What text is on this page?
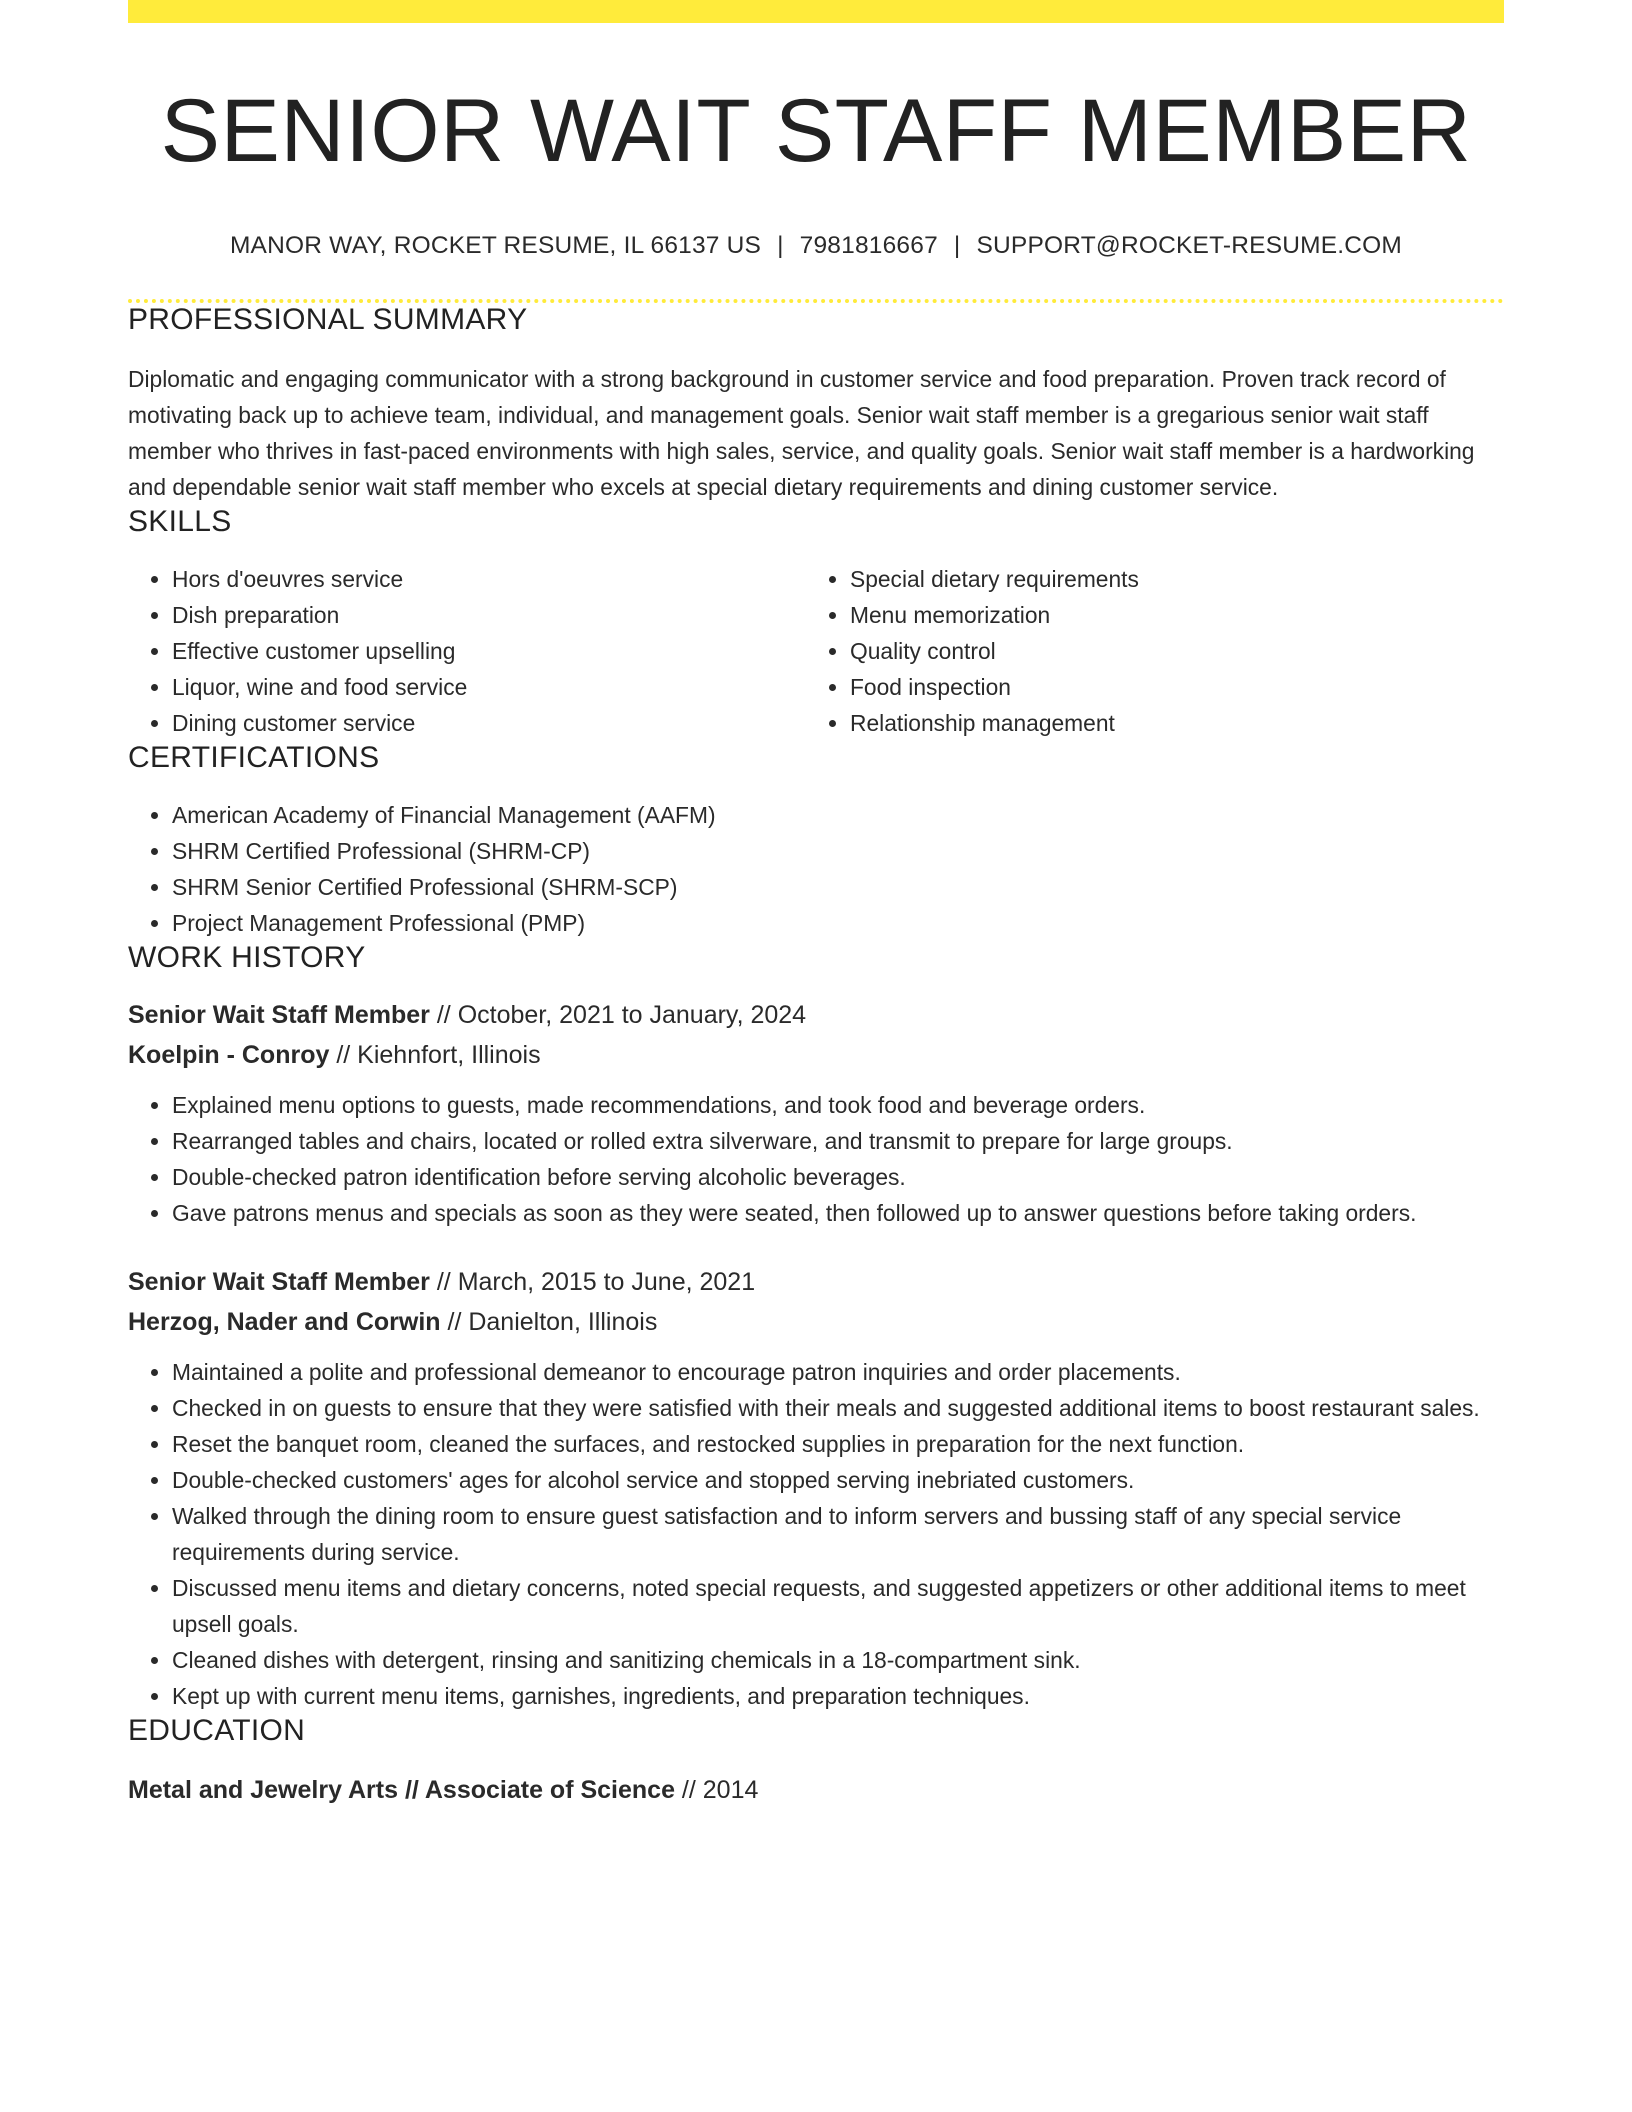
SENIOR WAIT STAFF MEMBER
MANOR WAY, ROCKET RESUME, IL 66137 US | 7981816667 | SUPPORT@ROCKET-RESUME.COM
PROFESSIONAL SUMMARY
Diplomatic and engaging communicator with a strong background in customer service and food preparation. Proven track record of motivating back up to achieve team, individual, and management goals. Senior wait staff member is a gregarious senior wait staff member who thrives in fast-paced environments with high sales, service, and quality goals. Senior wait staff member is a hardworking and dependable senior wait staff member who excels at special dietary requirements and dining customer service.
SKILLS
• Hors d'oeuvres service
• Dish preparation
• Effective customer upselling
• Liquor, wine and food service
• Dining customer service
• Special dietary requirements
• Menu memorization
• Quality control
• Food inspection
• Relationship management
CERTIFICATIONS
• American Academy of Financial Management (AAFM)
• SHRM Certified Professional (SHRM-CP)
• SHRM Senior Certified Professional (SHRM-SCP)
• Project Management Professional (PMP)
WORK HISTORY
Senior Wait Staff Member // October, 2021 to January, 2024
Koelpin - Conroy // Kiehnfort, Illinois
• Explained menu options to guests, made recommendations, and took food and beverage orders.
• Rearranged tables and chairs, located or rolled extra silverware, and transmit to prepare for large groups.
• Double-checked patron identification before serving alcoholic beverages.
• Gave patrons menus and specials as soon as they were seated, then followed up to answer questions before taking orders.
Senior Wait Staff Member // March, 2015 to June, 2021
Herzog, Nader and Corwin // Danielton, Illinois
• Maintained a polite and professional demeanor to encourage patron inquiries and order placements.
• Checked in on guests to ensure that they were satisfied with their meals and suggested additional items to boost restaurant sales.
• Reset the banquet room, cleaned the surfaces, and restocked supplies in preparation for the next function.
• Double-checked customers' ages for alcohol service and stopped serving inebriated customers.
• Walked through the dining room to ensure guest satisfaction and to inform servers and bussing staff of any special service requirements during service.
• Discussed menu items and dietary concerns, noted special requests, and suggested appetizers or other additional items to meet upsell goals.
• Cleaned dishes with detergent, rinsing and sanitizing chemicals in a 18-compartment sink.
• Kept up with current menu items, garnishes, ingredients, and preparation techniques.
EDUCATION
Metal and Jewelry Arts // Associate of Science // 2014
